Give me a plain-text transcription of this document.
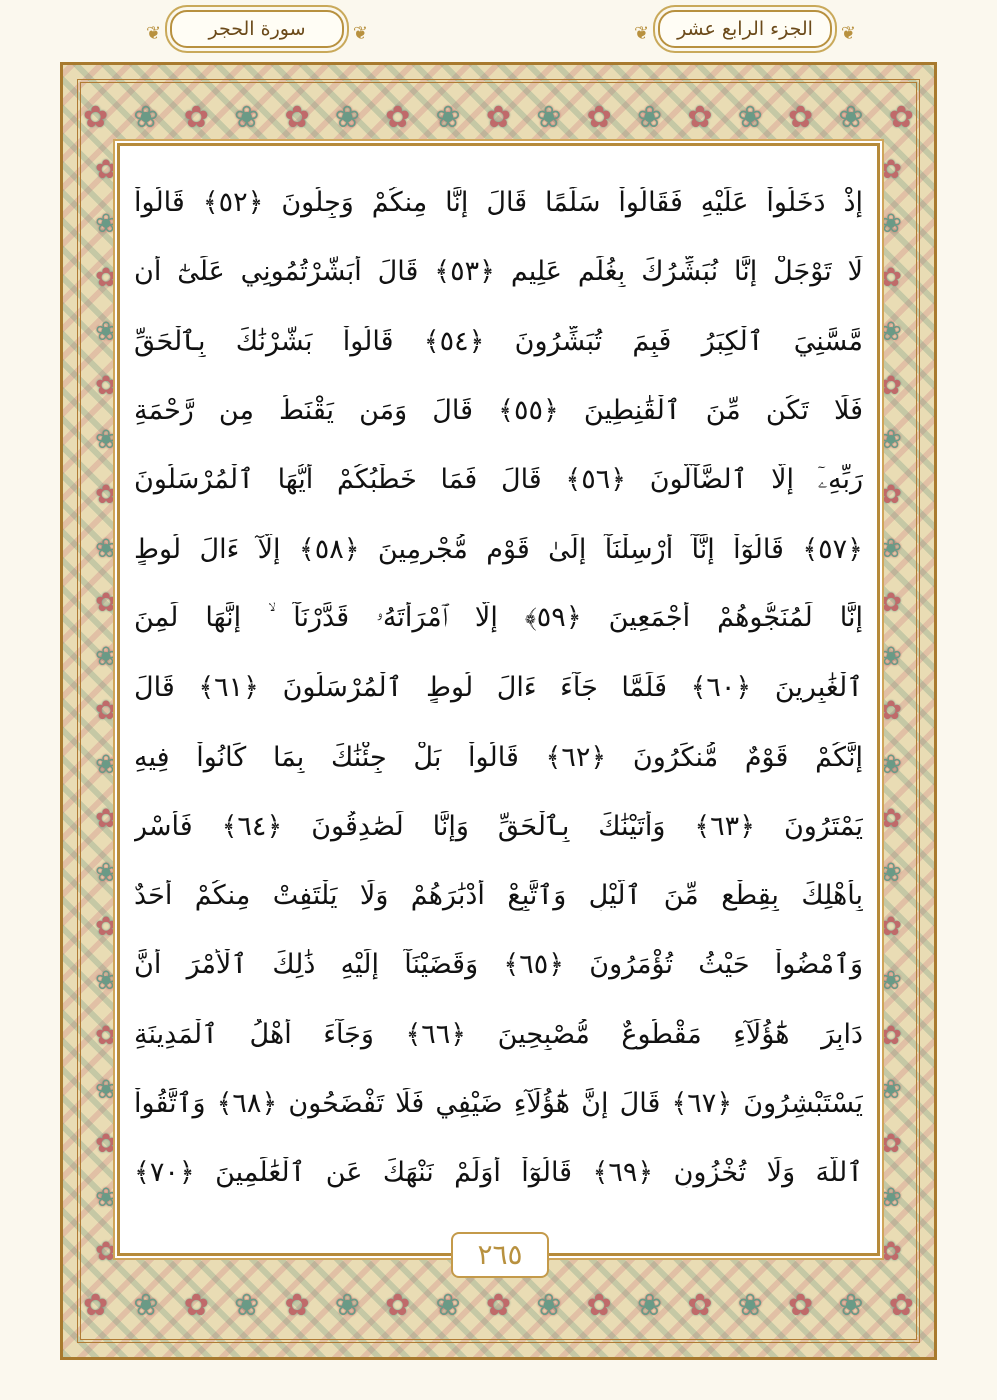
❦ الجزء الرابع عشر ❦
❦ سورة الحجر	❦
✿ ❀ ✿ ❀ ✿ ❀ ✿ ❀ ✿ ❀ ✿ ❀ ✿ ❀ ✿ ❀ ✿
✿ ❀ ✿ ❀ ✿ ❀ ✿ ❀ ✿ ❀ ✿ ❀ ✿ ❀ ✿ ❀ ✿
✿
❀
✿
❀
✿
❀
✿
❀
✿
❀
✿
❀
✿
❀
✿
❀
✿
❀
✿
❀
✿
✿
❀
✿
❀
✿
❀
✿
❀
✿
❀
✿
❀
✿
❀
✿
❀
✿
❀
✿
❀
✿
إِذْ دَخَلُواْ عَلَيْهِ فَقَالُواْ سَلَٰمًا قَالَ إِنَّا مِنكُمْ وَجِلُونَ ﴿٥٢﴾ قَالُواْ
لَا تَوْجَلْ إِنَّا نُبَشِّرُكَ بِغُلَٰمٍ عَلِيمٍ ﴿٥٣﴾ قَالَ أَبَشَّرْتُمُونِي عَلَىٰٓ أَن
مَّسَّنِيَ ٱلْكِبَرُ فَبِمَ تُبَشِّرُونَ ﴿٥٤﴾ قَالُواْ بَشَّرْنَٰكَ بِٱلْحَقِّ
فَلَا تَكُن مِّنَ ٱلْقَٰنِطِينَ ﴿٥٥﴾ قَالَ وَمَن يَقْنَطُ مِن رَّحْمَةِ
رَبِّهِۦٓ إِلَّا ٱلضَّآلُّونَ ﴿٥٦﴾ قَالَ فَمَا خَطْبُكُمْ أَيُّهَا ٱلْمُرْسَلُونَ
﴿٥٧﴾ قَالُوٓاْ إِنَّآ أُرْسِلْنَآ إِلَىٰ قَوْمٍ مُّجْرِمِينَ ﴿٥٨﴾ إِلَّآ ءَالَ لُوطٍ
إِنَّا لَمُنَجُّوهُمْ أَجْمَعِينَ ﴿٥٩﴾ إِلَّا ٱمْرَأَتَهُۥ قَدَّرْنَآ ۙ إِنَّهَا لَمِنَ
ٱلْغَٰبِرِينَ ﴿٦٠﴾ فَلَمَّا جَآءَ ءَالَ لُوطٍ ٱلْمُرْسَلُونَ ﴿٦١﴾ قَالَ
إِنَّكُمْ قَوْمٌ مُّنكَرُونَ ﴿٦٢﴾ قَالُواْ بَلْ جِئْنَٰكَ بِمَا كَانُواْ فِيهِ
يَمْتَرُونَ ﴿٦٣﴾ وَأَتَيْنَٰكَ بِٱلْحَقِّ وَإِنَّا لَصَٰدِقُونَ ﴿٦٤﴾ فَأَسْرِ
بِأَهْلِكَ بِقِطْعٍ مِّنَ ٱلَّيْلِ وَٱتَّبِعْ أَدْبَٰرَهُمْ وَلَا يَلْتَفِتْ مِنكُمْ أَحَدٌ
وَٱمْضُواْ حَيْثُ تُؤْمَرُونَ ﴿٦٥﴾ وَقَضَيْنَآ إِلَيْهِ ذَٰلِكَ ٱلْأَمْرَ أَنَّ
دَابِرَ هَٰٓؤُلَآءِ مَقْطُوعٌ مُّصْبِحِينَ ﴿٦٦﴾ وَجَآءَ أَهْلُ ٱلْمَدِينَةِ
يَسْتَبْشِرُونَ ﴿٦٧﴾ قَالَ إِنَّ هَٰٓؤُلَآءِ ضَيْفِي فَلَا تَفْضَحُونِ ﴿٦٨﴾ وَٱتَّقُواْ
ٱللَّهَ وَلَا تُخْزُونِ ﴿٦٩﴾ قَالُوٓاْ أَوَلَمْ نَنْهَكَ عَنِ ٱلْعَٰلَمِينَ ﴿٧٠﴾
٢٦٥
